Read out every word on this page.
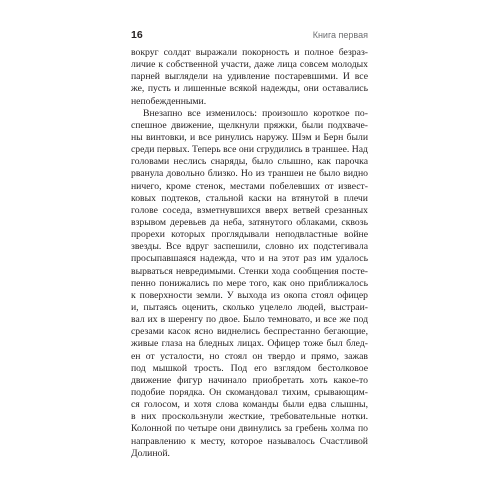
16	Книга первая
вокруг солдат выражали покорность и полное безраз-
личие к собственной участи, даже лица совсем молодых
парней выглядели на удивление постаревшими. И все
же, пусть и лишенные всякой надежды, они оставались
непобежденными.
Внезапно все изменилось: произошло короткое по-
спешное движение, щелкнули пряжки, были подхваче-
ны винтовки, и все ринулись наружу. Шэм и Берн были
среди первых. Теперь все они сгрудились в траншее. Над
головами неслись снаряды, было слышно, как парочка
рванула довольно близко. Но из траншеи не было видно
ничего, кроме стенок, местами побелевших от извест-
ковых подтеков, стальной каски на втянутой в плечи
голове соседа, взметнувшихся вверх ветвей срезанных
взрывом деревьев да неба, затянутого облаками, сквозь
прорехи которых проглядывали неподвластные войне
звезды. Все вдруг заспешили, словно их подстегивала
просыпавшаяся надежда, что и на этот раз им удалось
вырваться невредимыми. Стенки хода сообщения посте-
пенно понижались по мере того, как оно приближалось
к поверхности земли. У выхода из окопа стоял офицер
и, пытаясь оценить, сколько уцелело людей, выстраи-
вал их в шеренгу по двое. Было темновато, и все же под
срезами касок ясно виднелись беспрестанно бегающие,
живые глаза на бледных лицах. Офицер тоже был блед-
ен от усталости, но стоял он твердо и прямо, зажав
под мышкой трость. Под его взглядом бестолковое
движение фигур начинало приобретать хоть какое-то
подобие порядка. Он скомандовал тихим, срывающим-
ся голосом, и хотя слова команды были едва слышны,
в них проскользнули жесткие, требовательные нотки.
Колонной по четыре они двинулись за гребень холма по
направлению к месту, которое называлось Счастливой
Долиной.
